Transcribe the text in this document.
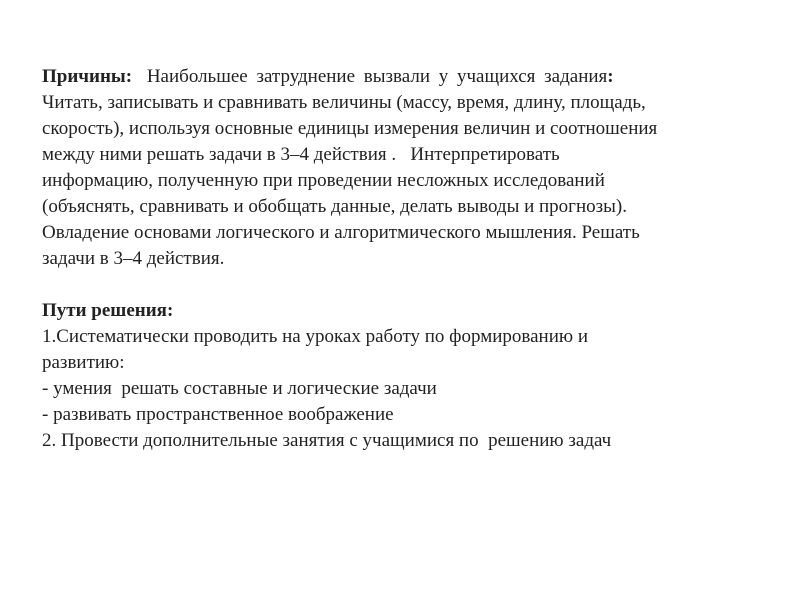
Причины: Наибольшее затруднение вызвали у учащихся задания:
Читать, записывать и сравнивать величины (массу, время, длину, площадь,
скорость), используя основные единицы измерения величин и соотношения
между ними решать задачи в 3–4 действия .   Интерпретировать
информацию, полученную при проведении несложных исследований
(объяснять, сравнивать и обобщать данные, делать выводы и прогнозы).
Овладение основами логического и алгоритмического мышления. Решать
задачи в 3–4 действия.
Пути решения:
1.Систематически проводить на уроках работу по формированию и
развитию:
- умения  решать составные и логические задачи
- развивать пространственное воображение
2. Провести дополнительные занятия с учащимися по  решению задач
